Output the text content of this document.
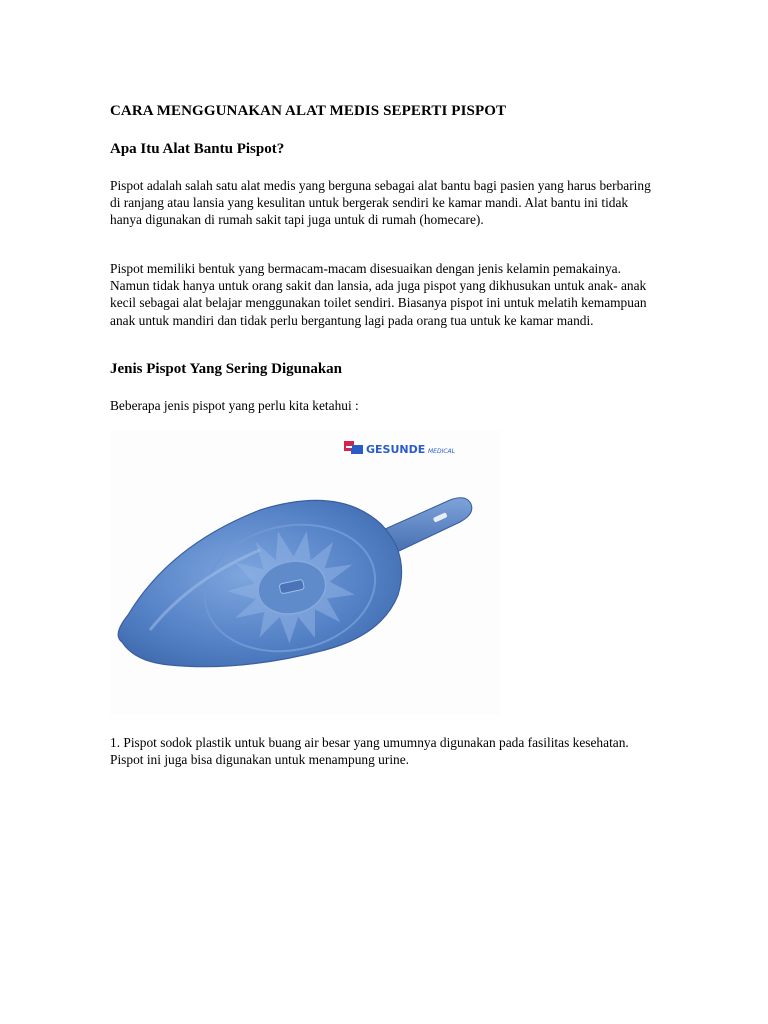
CARA MENGGUNAKAN ALAT MEDIS SEPERTI PISPOT
Apa Itu Alat Bantu Pispot?
Pispot adalah salah satu alat medis yang berguna sebagai alat bantu bagi pasien yang harus berbaring di ranjang atau lansia yang kesulitan untuk bergerak sendiri ke kamar mandi. Alat bantu ini tidak hanya digunakan di rumah sakit tapi juga untuk di rumah (homecare).
Pispot memiliki bentuk yang bermacam-macam disesuaikan dengan jenis kelamin pemakainya. Namun tidak hanya untuk orang sakit dan lansia, ada juga pispot yang dikhusukan untuk anak- anak kecil sebagai alat belajar menggunakan toilet sendiri. Biasanya pispot ini untuk melatih kemampuan anak untuk mandiri dan tidak perlu bergantung lagi pada orang tua untuk ke kamar mandi.
Jenis Pispot Yang Sering Digunakan
Beberapa jenis pispot yang perlu kita ketahui :
GESUNDE MEDICAL
1. Pispot sodok plastik untuk buang air besar yang umumnya digunakan pada fasilitas kesehatan. Pispot ini juga bisa digunakan untuk menampung urine.
